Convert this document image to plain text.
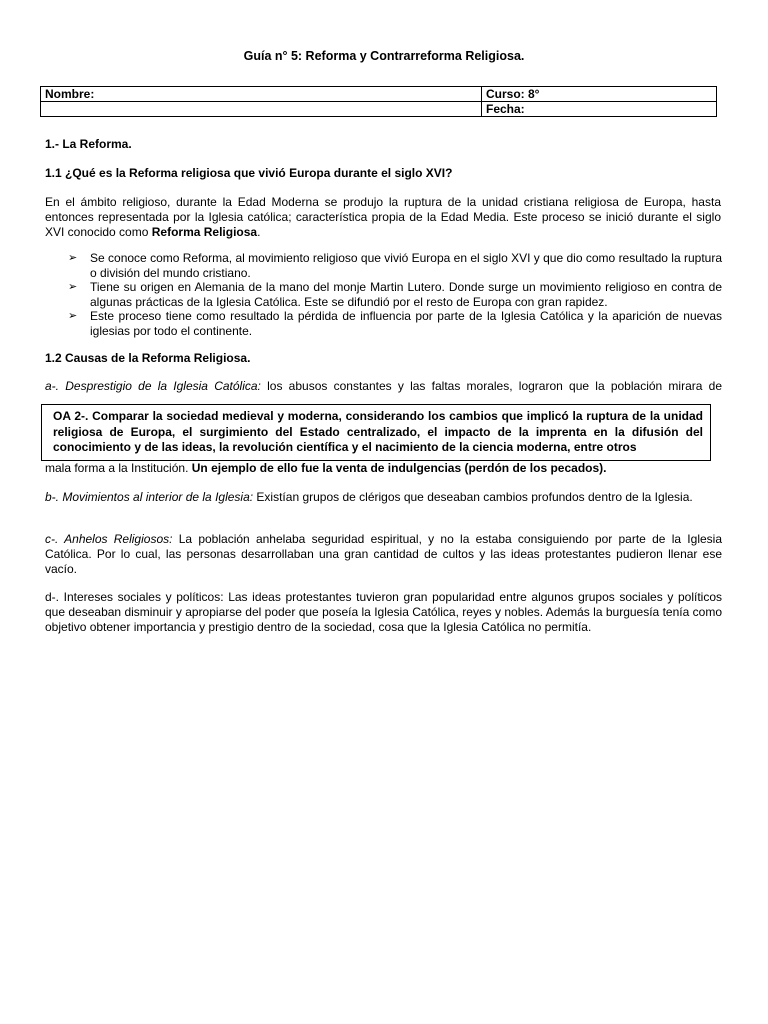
Guía n° 5: Reforma y Contrarreforma Religiosa.
Nombre:	Curso: 8°
	Fecha:
1.- La Reforma.
1.1 ¿Qué es la Reforma religiosa que vivió Europa durante el siglo XVI?
En el ámbito religioso, durante la Edad Moderna se produjo la ruptura de la unidad cristiana religiosa de Europa, hasta entonces representada por la Iglesia católica; característica propia de la Edad Media. Este proceso se inició durante el siglo XVI conocido como Reforma Religiosa.
➢ Se conoce como Reforma, al movimiento religioso que vivió Europa en el siglo XVI y que dio como resultado la ruptura o división del mundo cristiano.
➢ Tiene su origen en Alemania de la mano del monje Martin Lutero. Donde surge un movimiento religioso en contra de algunas prácticas de la Iglesia Católica. Este se difundió por el resto de Europa con gran rapidez.
➢ Este proceso tiene como resultado la pérdida de influencia por parte de la Iglesia Católica y la aparición de nuevas iglesias por todo el continente.
1.2 Causas de la Reforma Religiosa.
a-. Desprestigio de la Iglesia Católica: los abusos constantes y las faltas morales, lograron que la población mirara de
OA 2-. Comparar la sociedad medieval y moderna, considerando los cambios que implicó la ruptura de la unidad
religiosa de Europa, el surgimiento del Estado centralizado, el impacto de la imprenta en la difusión del
conocimiento y de las ideas, la revolución científica y el nacimiento de la ciencia moderna, entre otros
mala forma a la Institución. Un ejemplo de ello fue la venta de indulgencias (perdón de los pecados).
b-. Movimientos al interior de la Iglesia: Existían grupos de clérigos que deseaban cambios profundos dentro de la Iglesia.
c-. Anhelos Religiosos: La población anhelaba seguridad espiritual, y no la estaba consiguiendo por parte de la Iglesia Católica. Por lo cual, las personas desarrollaban una gran cantidad de cultos y las ideas protestantes pudieron llenar ese vacío.
d-. Intereses sociales y políticos: Las ideas protestantes tuvieron gran popularidad entre algunos grupos sociales y políticos que deseaban disminuir y apropiarse del poder que poseía la Iglesia Católica, reyes y nobles. Además la burguesía tenía como objetivo obtener importancia y prestigio dentro de la sociedad, cosa que la Iglesia Católica no permitía.
